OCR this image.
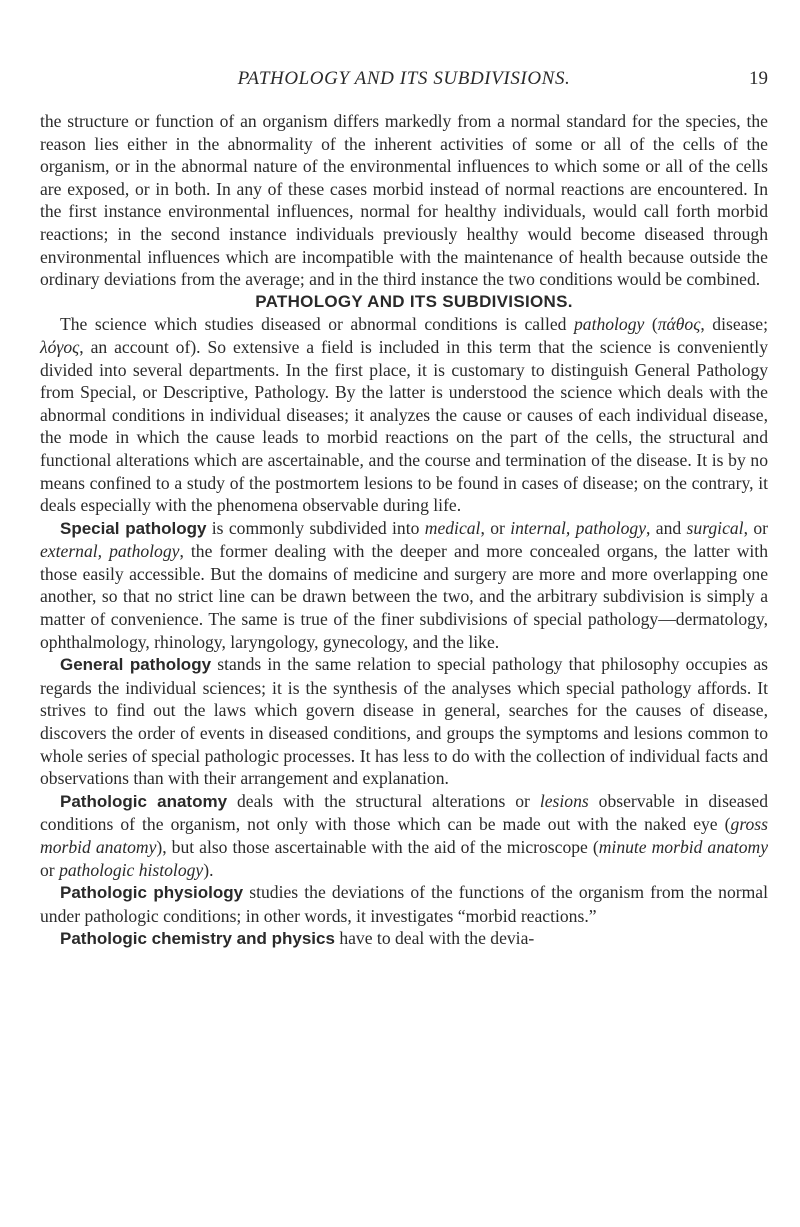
PATHOLOGY AND ITS SUBDIVISIONS.	19

the structure or function of an organism differs markedly from a normal standard for the species, the reason lies either in the abnormality of the inherent activities of some or all of the cells of the organism, or in the abnormal nature of the environmental influences to which some or all of the cells are exposed, or in both. In any of these cases morbid instead of normal reactions are encountered. In the first instance environmental influences, normal for healthy individuals, would call forth morbid reactions; in the second instance individuals previously healthy would become diseased through environmental influences which are incompatible with the maintenance of health because outside the ordinary deviations from the average; and in the third instance the two conditions would be combined.

PATHOLOGY AND ITS SUBDIVISIONS.

The science which studies diseased or abnormal conditions is called pathology (πάθος, disease; λόγος, an account of). So extensive a field is included in this term that the science is conveniently divided into several departments. In the first place, it is customary to distinguish General Pathology from Special, or Descriptive, Pathology. By the latter is understood the science which deals with the abnormal conditions in individual diseases; it analyzes the cause or causes of each individual disease, the mode in which the cause leads to morbid reactions on the part of the cells, the structural and functional alterations which are ascertainable, and the course and termination of the disease. It is by no means confined to a study of the postmortem lesions to be found in cases of disease; on the contrary, it deals especially with the phenomena observable during life.

Special pathology is commonly subdivided into medical, or internal, pathology, and surgical, or external, pathology, the former dealing with the deeper and more concealed organs, the latter with those easily accessible. But the domains of medicine and surgery are more and more overlapping one another, so that no strict line can be drawn between the two, and the arbitrary subdivision is simply a matter of convenience. The same is true of the finer subdivisions of special pathology—dermatology, ophthalmology, rhinology, laryngology, gynecology, and the like.

General pathology stands in the same relation to special pathology that philosophy occupies as regards the individual sciences; it is the synthesis of the analyses which special pathology affords. It strives to find out the laws which govern disease in general, searches for the causes of disease, discovers the order of events in diseased conditions, and groups the symptoms and lesions common to whole series of special pathologic processes. It has less to do with the collection of individual facts and observations than with their arrangement and explanation.

Pathologic anatomy deals with the structural alterations or lesions observable in diseased conditions of the organism, not only with those which can be made out with the naked eye (gross morbid anatomy), but also those ascertainable with the aid of the microscope (minute morbid anatomy or pathologic histology).

Pathologic physiology studies the deviations of the functions of the organism from the normal under pathologic conditions; in other words, it investigates “morbid reactions.”

Pathologic chemistry and physics have to deal with the devia-
